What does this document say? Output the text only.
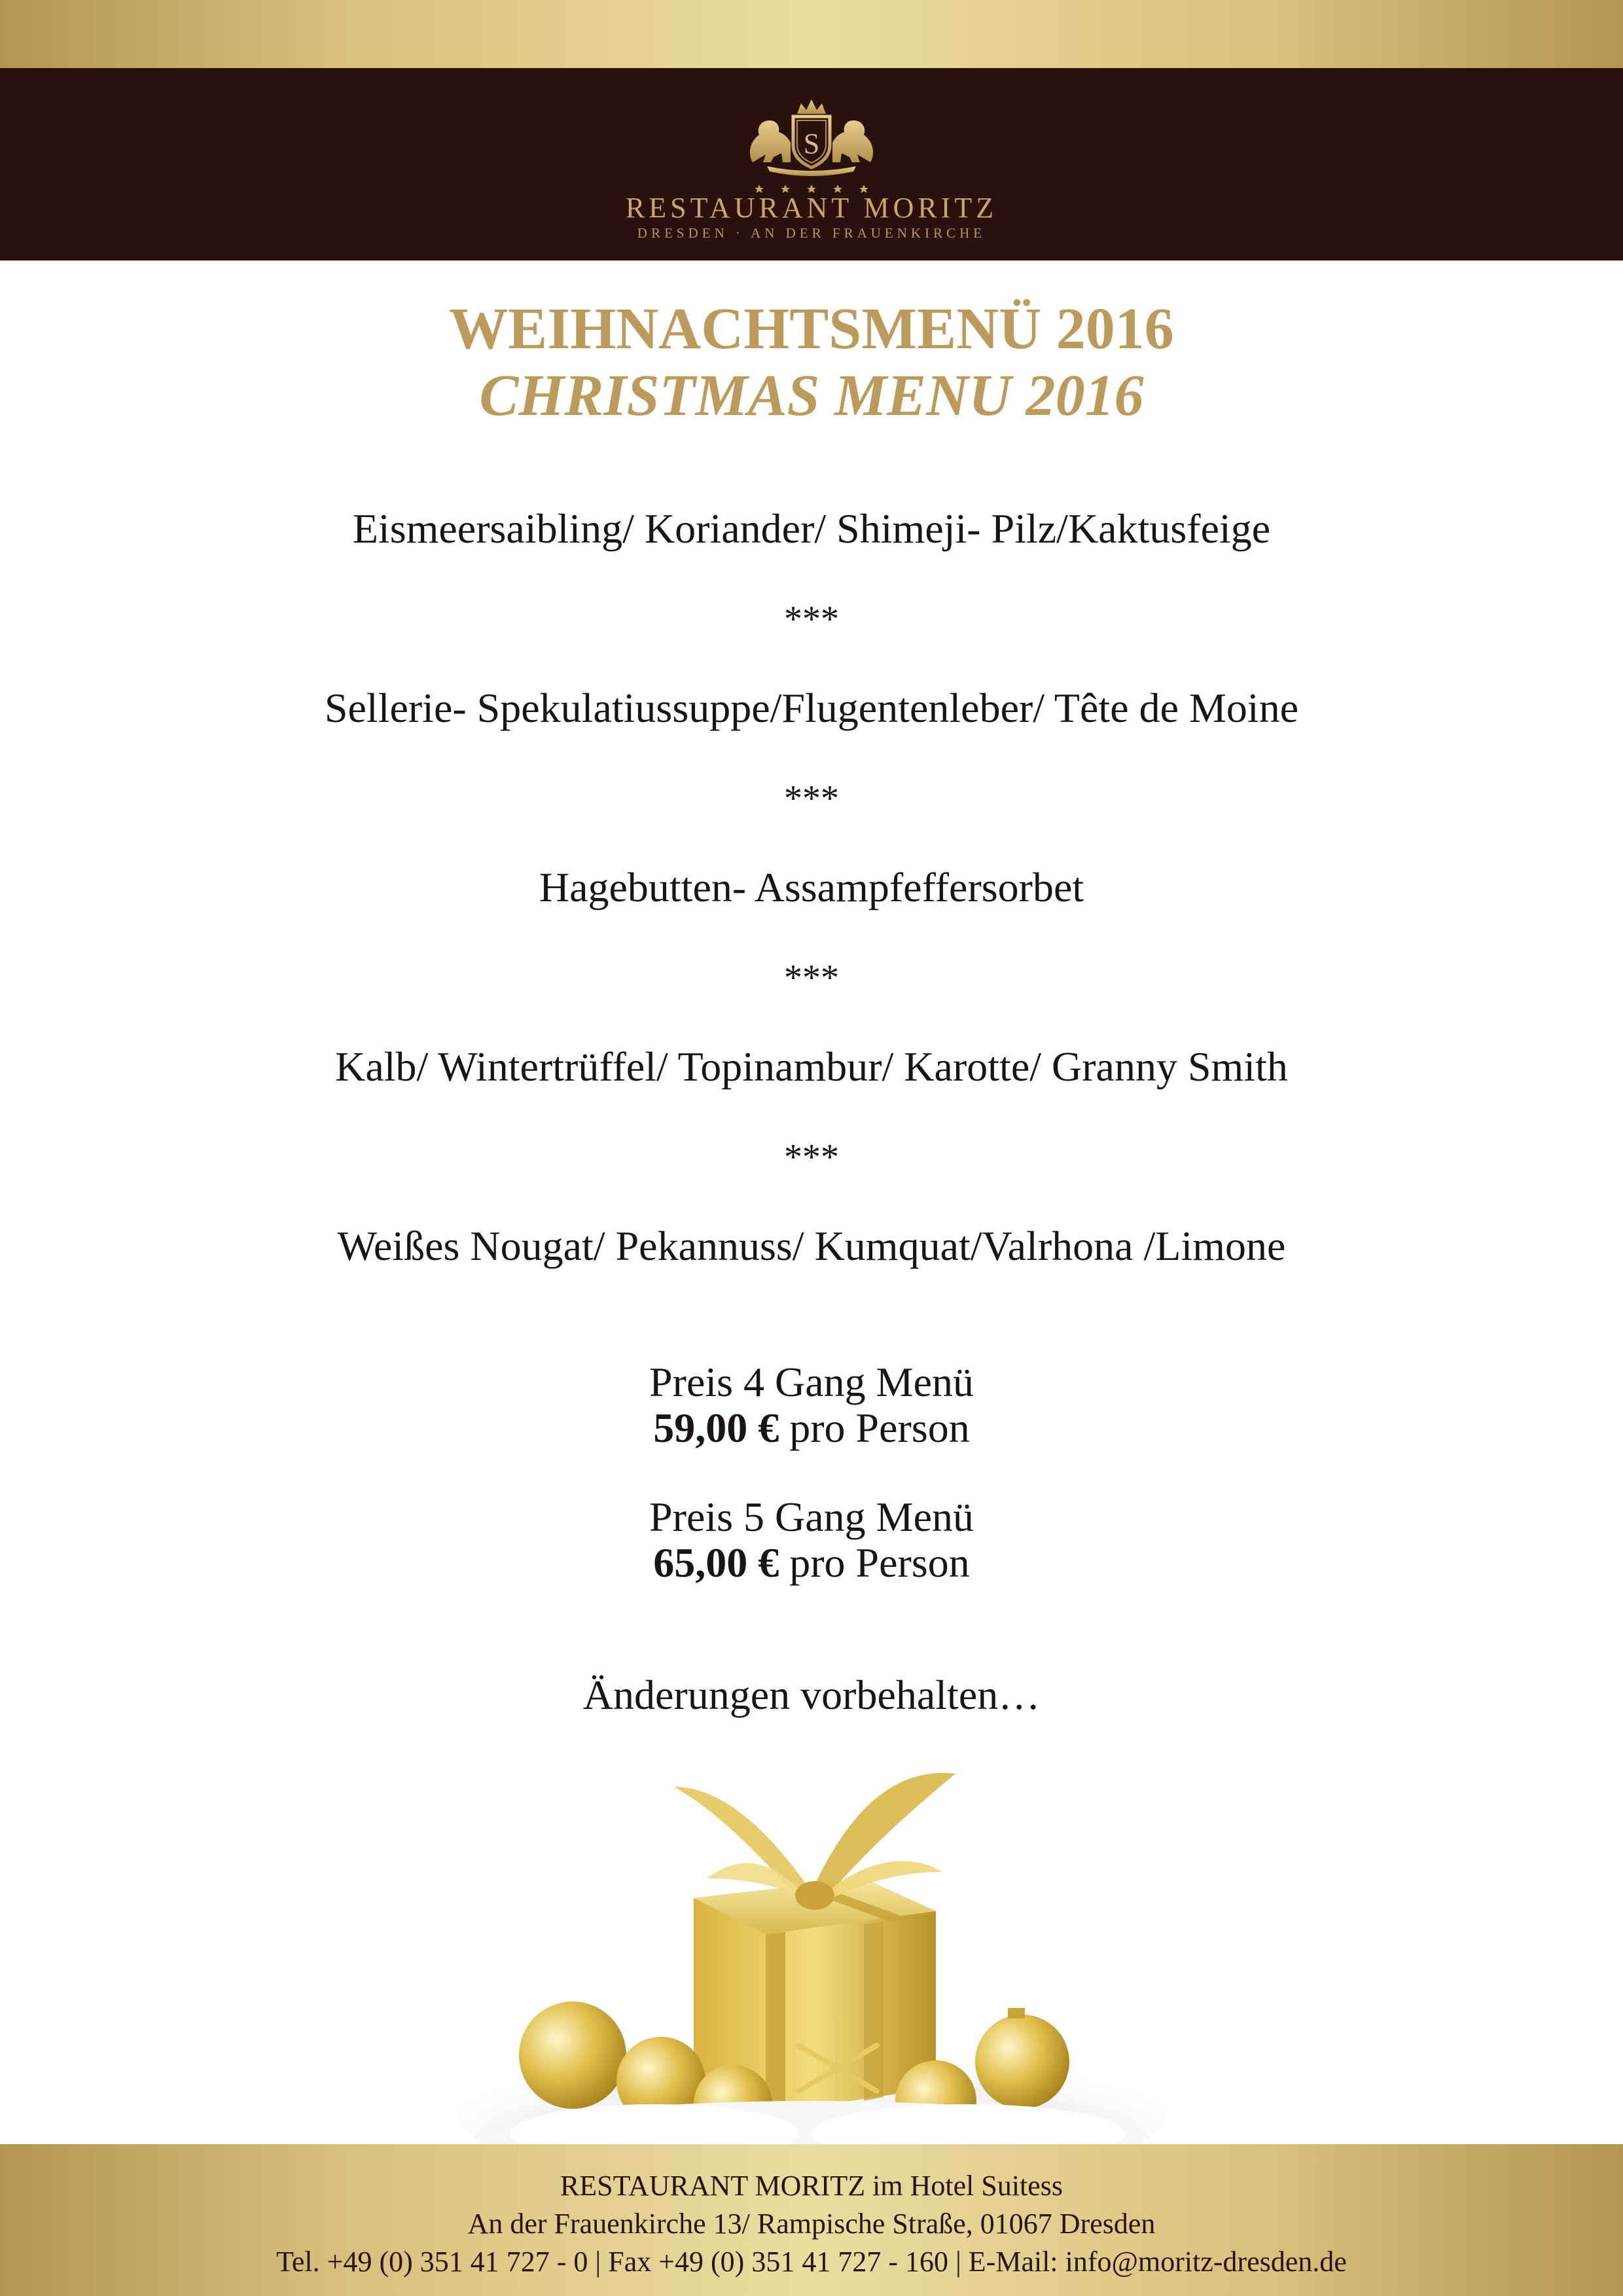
S
RESTAURANT MORITZ
DRESDEN · AN DER FRAUENKIRCHE
WEIHNACHTSMENÜ 2016
CHRISTMAS MENU 2016
Eismeersaibling/ Koriander/ Shimeji- Pilz/Kaktusfeige
***
Sellerie- Spekulatiussuppe/Flugentenleber/ Tête de Moine
***
Hagebutten- Assampfeffersorbet
***
Kalb/ Wintertrüffel/ Topinambur/ Karotte/ Granny Smith
***
Weißes Nougat/ Pekannuss/ Kumquat/Valrhona /Limone
Preis 4 Gang Menü
59,00 € pro Person
Preis 5 Gang Menü
65,00 € pro Person
Änderungen vorbehalten…
RESTAURANT MORITZ im Hotel Suitess
An der Frauenkirche 13/ Rampische Straße, 01067 Dresden
Tel. +49 (0) 351 41 727 - 0 | Fax +49 (0) 351 41 727 - 160 | E-Mail: info@moritz-dresden.de
